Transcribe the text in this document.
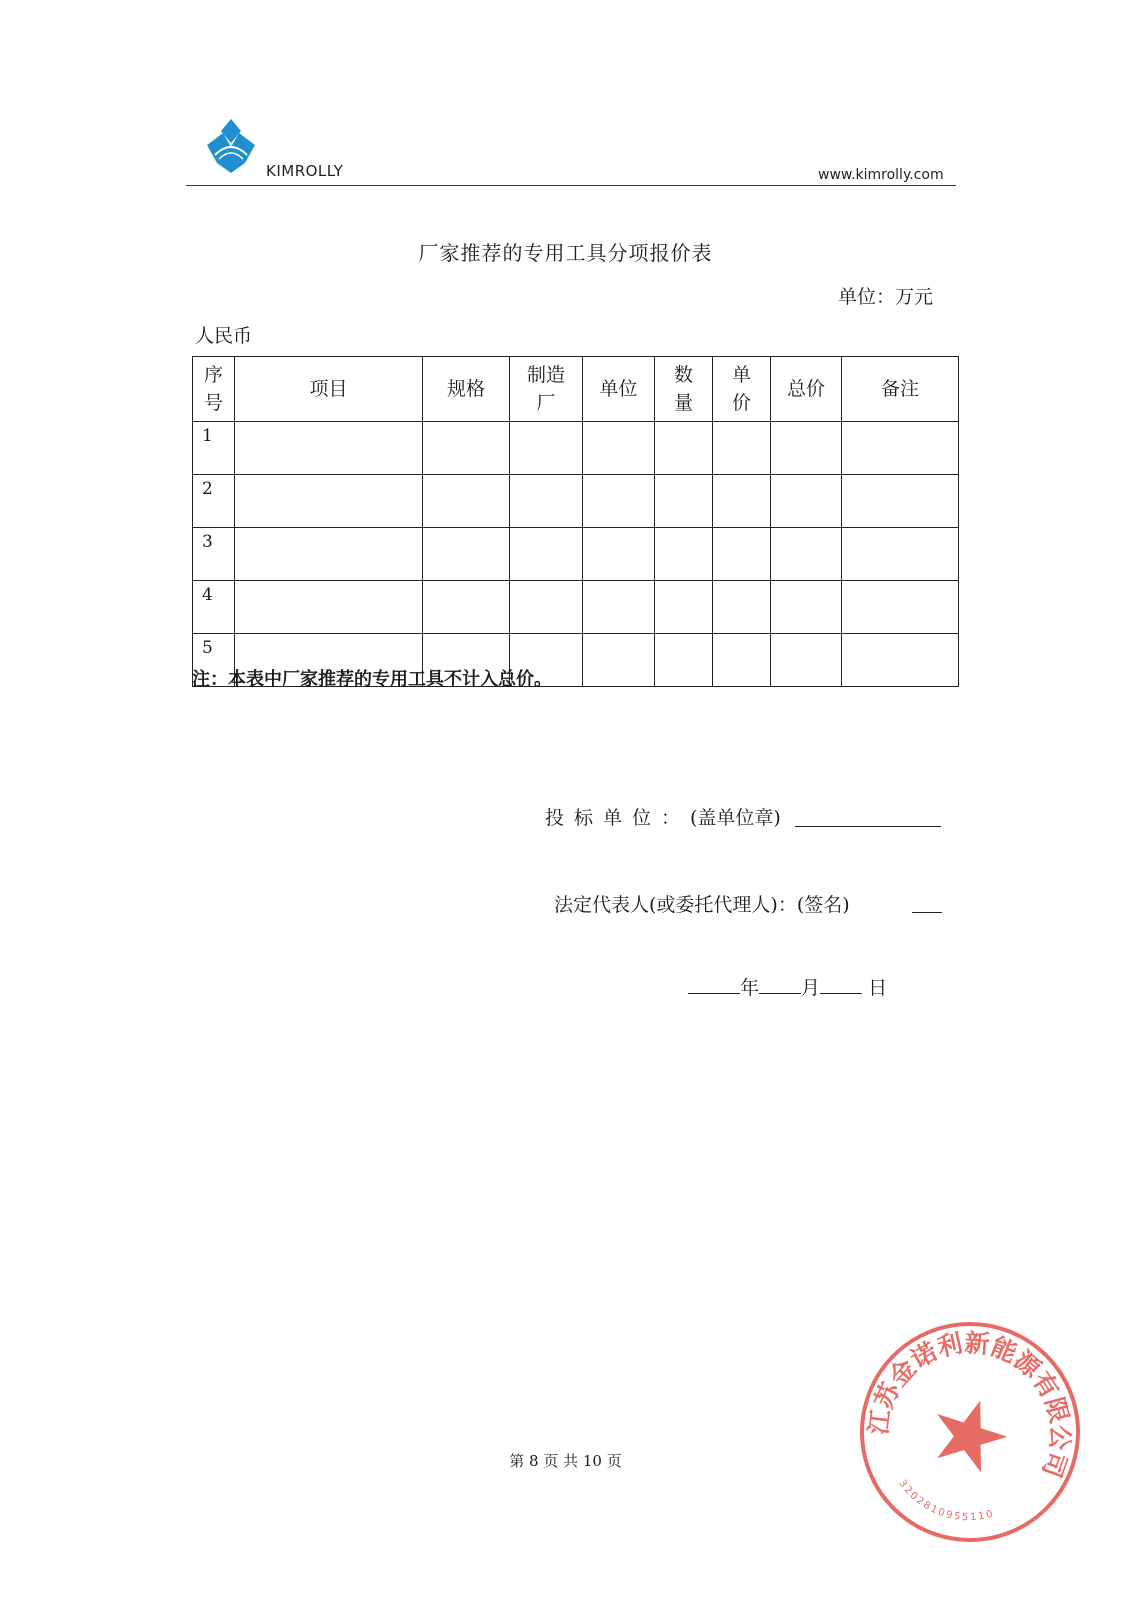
KIMROLLY	www.kimrolly.com
厂家推荐的专用工具分项报价表
单位：万元
人民币
序号	项目	规格	制造厂	单位	数量	单价	总价	备注
1								
2								
3								
4								
5								
注：本表中厂家推荐的专用工具不计入总价。
投标单位：(盖单位章)
法定代表人(或委托代理人)：(签名)
年 月	日
第 8 页 共 10 页
江苏金诺利新能源有限公司
3202810955110
